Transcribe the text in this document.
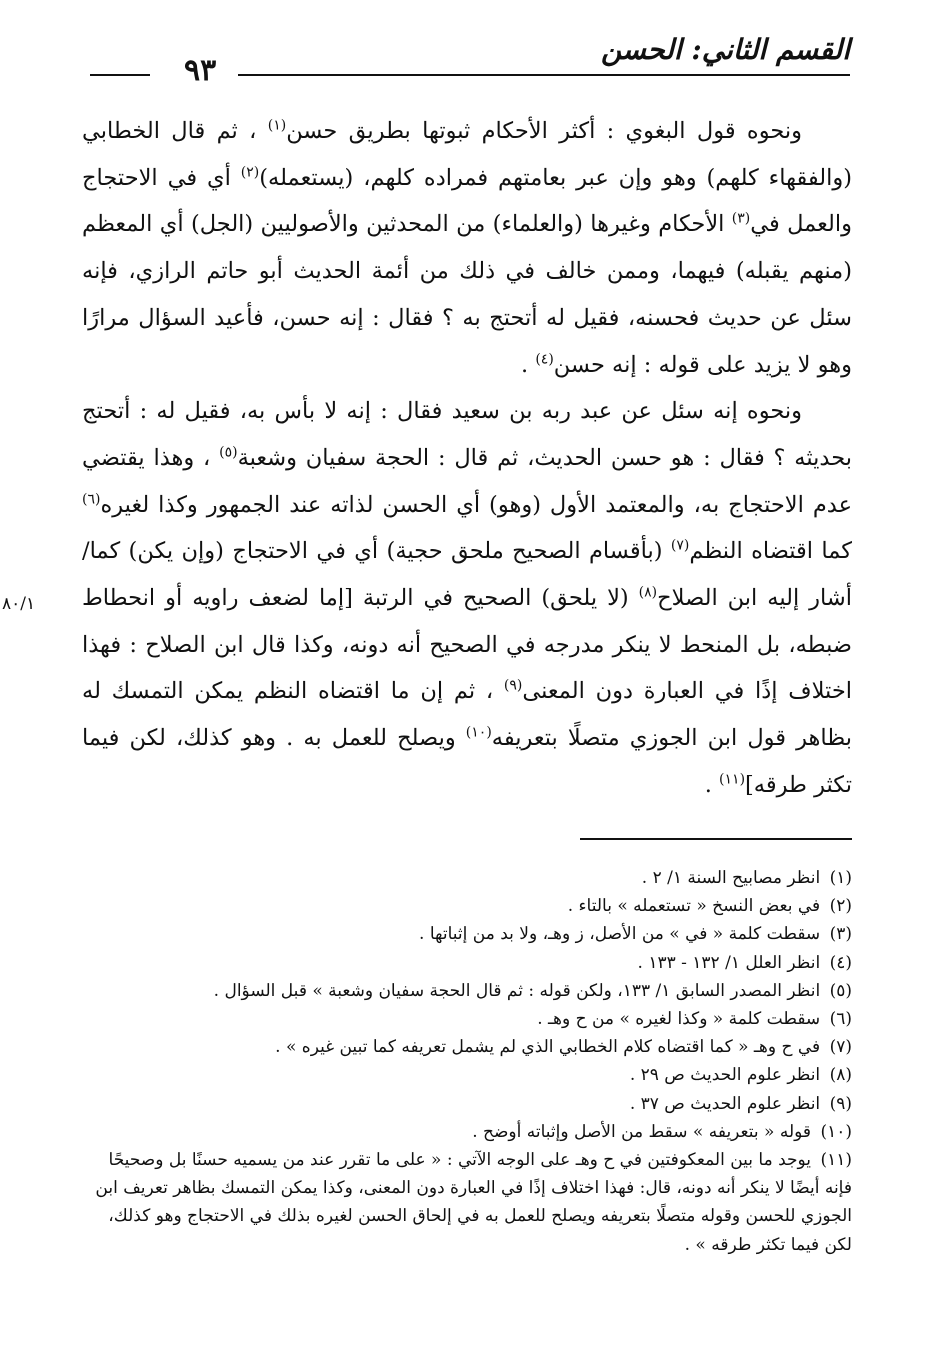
القسم الثاني: الحسن
٩٣

ونحوه قول البغوي : أكثر الأحكام ثبوتها بطريق حسن$^{(١)}$ ، ثم قال الخطابي (والفقهاء كلهم) وهو وإن عبر بعامتهم فمراده كلهم، (يستعمله)$^{(٢)}$ أي في الاحتجاج والعمل في$^{(٣)}$ الأحكام وغيرها (والعلماء) من المحدثين والأصوليين (الجل) أي المعظم (منهم يقبله) فيهما، وممن خالف في ذلك من أئمة الحديث أبو حاتم الرازي، فإنه سئل عن حديث فحسنه، فقيل له أتحتج به ؟ فقال : إنه حسن، فأعيد السؤال مرارًا وهو لا يزيد على قوله : إنه حسن$^{(٤)}$ .

ونحوه إنه سئل عن عبد ربه بن سعيد فقال : إنه لا بأس به، فقيل له : أتحتج بحديثه ؟ فقال : هو حسن الحديث، ثم قال : الحجة سفيان وشعبة$^{(٥)}$ ، وهذا يقتضي عدم الاحتجاج به، والمعتمد الأول (وهو) أي الحسن لذاته عند الجمهور وكذا لغيره$^{(٦)}$ كما اقتضاه النظم$^{(٧)}$ (بأقسام الصحيح ملحق حجية) أي في الاحتجاج (وإن يكن) كما/ أشار إليه ابن الصلاح$^{(٨)}$ (لا يلحق) الصحيح في الرتبة [إما لضعف راويه أو انحطاط ضبطه، بل المنحط لا ينكر مدرجه في الصحيح أنه دونه، وكذا قال ابن الصلاح : فهذا اختلاف إذًا في العبارة دون المعنى$^{(٩)}$ ، ثم إن ما اقتضاه النظم يمكن التمسك له بظاهر قول ابن الجوزي متصلًا بتعريفه$^{(١٠)}$ ويصلح للعمل به . وهو كذلك، لكن فيما تكثر طرقه]$^{(١١)}$ .

٨٠/١
(١) انظر مصابيح السنة ١/ ٢ .
(٢) في بعض النسخ « تستعمله » بالتاء .
(٣) سقطت كلمة « في » من الأصل، ز وهـ، ولا بد من إثباتها .
(٤) انظر العلل ١/ ١٣٢ - ١٣٣ .
(٥) انظر المصدر السابق ١/ ١٣٣، ولكن قوله : ثم قال الحجة سفيان وشعبة » قبل السؤال .
(٦) سقطت كلمة « وكذا لغيره » من ح وهـ .
(٧) في ح وهـ « كما اقتضاه كلام الخطابي الذي لم يشمل تعريفه كما تبين غيره » .
(٨) انظر علوم الحديث ص ٢٩ .
(٩) انظر علوم الحديث ص ٣٧ .
(١٠) قوله « بتعريفه » سقط من الأصل وإثباته أوضح .
(١١) يوجد ما بين المعكوفتين في ح وهـ على الوجه الآتي : « على ما تقرر عند من يسميه حسنًا بل وصحيحًا فإنه أيضًا لا ينكر أنه دونه، قال: فهذا اختلاف إذًا في العبارة دون المعنى، وكذا يمكن التمسك بظاهر تعريف ابن الجوزي للحسن وقوله متصلًا بتعريفه ويصلح للعمل به في إلحاق الحسن لغيره بذلك في الاحتجاج وهو كذلك، لكن فيما تكثر طرقه » .
